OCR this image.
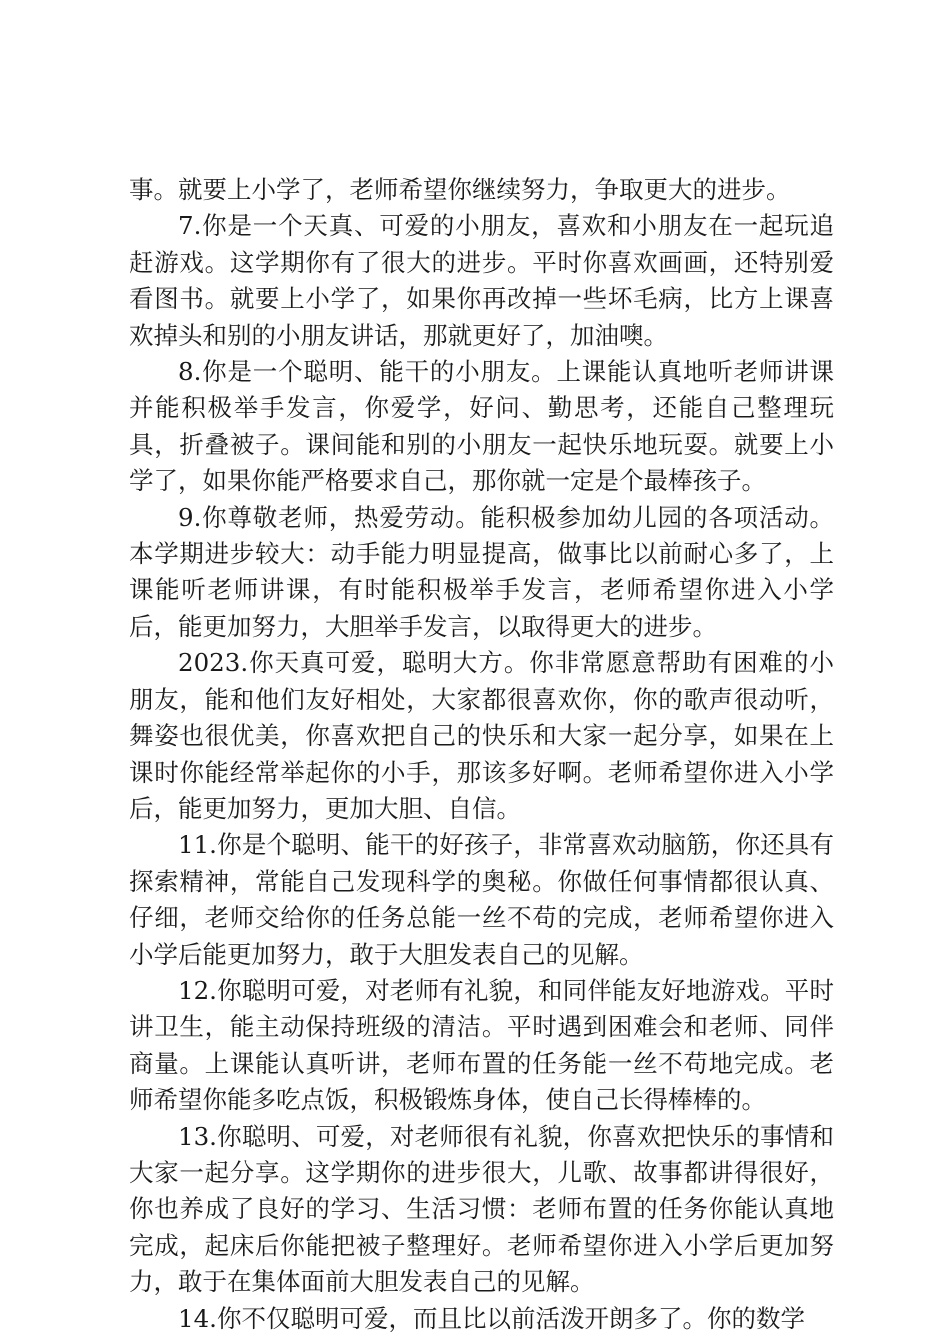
事。就要上小学了，老师希望你继续努力，争取更大的进步。

7.你是一个天真、可爱的小朋友，喜欢和小朋友在一起玩追赶游戏。这学期你有了很大的进步。平时你喜欢画画，还特别爱看图书。就要上小学了，如果你再改掉一些坏毛病，比方上课喜欢掉头和别的小朋友讲话，那就更好了，加油噢。

8.你是一个聪明、能干的小朋友。上课能认真地听老师讲课并能积极举手发言，你爱学，好问、勤思考，还能自己整理玩具，折叠被子。课间能和别的小朋友一起快乐地玩耍。就要上小学了，如果你能严格要求自己，那你就一定是个最棒孩子。

9.你尊敬老师，热爱劳动。能积极参加幼儿园的各项活动。本学期进步较大：动手能力明显提高，做事比以前耐心多了，上课能听老师讲课，有时能积极举手发言，老师希望你进入小学后，能更加努力，大胆举手发言，以取得更大的进步。

2023.你天真可爱，聪明大方。你非常愿意帮助有困难的小朋友，能和他们友好相处，大家都很喜欢你，你的歌声很动听，舞姿也很优美，你喜欢把自己的快乐和大家一起分享，如果在上课时你能经常举起你的小手，那该多好啊。老师希望你进入小学后，能更加努力，更加大胆、自信。

11.你是个聪明、能干的好孩子，非常喜欢动脑筋，你还具有探索精神，常能自己发现科学的奥秘。你做任何事情都很认真、仔细，老师交给你的任务总能一丝不苟的完成，老师希望你进入小学后能更加努力，敢于大胆发表自己的见解。

12.你聪明可爱，对老师有礼貌，和同伴能友好地游戏。平时讲卫生，能主动保持班级的清洁。平时遇到困难会和老师、同伴商量。上课能认真听讲，老师布置的任务能一丝不苟地完成。老师希望你能多吃点饭，积极锻炼身体，使自己长得棒棒的。

13.你聪明、可爱，对老师很有礼貌，你喜欢把快乐的事情和大家一起分享。这学期你的进步很大，儿歌、故事都讲得很好，你也养成了良好的学习、生活习惯：老师布置的任务你能认真地完成，起床后你能把被子整理好。老师希望你进入小学后更加努力，敢于在集体面前大胆发表自己的见解。

14.你不仅聪明可爱，而且比以前活泼开朗多了。你的数学
